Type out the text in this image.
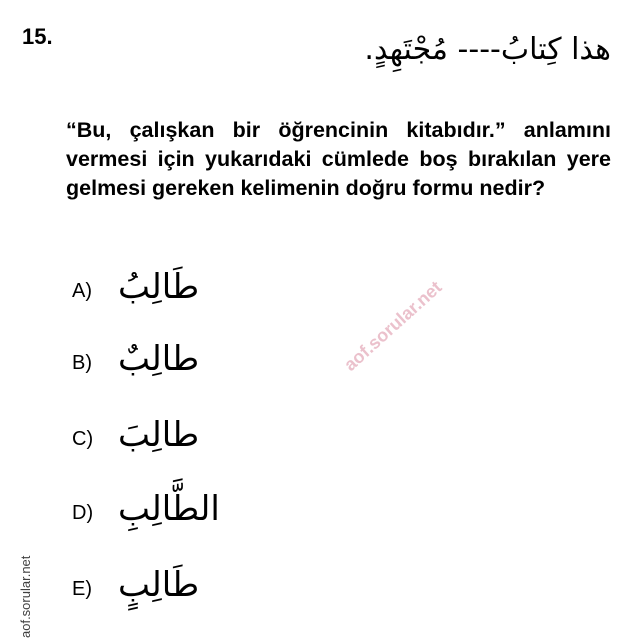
15.	هذا كِتابُ---- مُجْتَهِدٍ.
“Bu, çalışkan bir öğrencinin kitabıdır.” anlamını vermesi için yukarıdaki cümlede boş bırakılan yere gelmesi gereken kelimenin doğru formu nedir?
A) طَالِبُ
B) طالِبٌ
C) طالِبَ
D) الطَّالِبِ
E) طَالِبٍ
aof.sorular.net
aof.sorular.net
